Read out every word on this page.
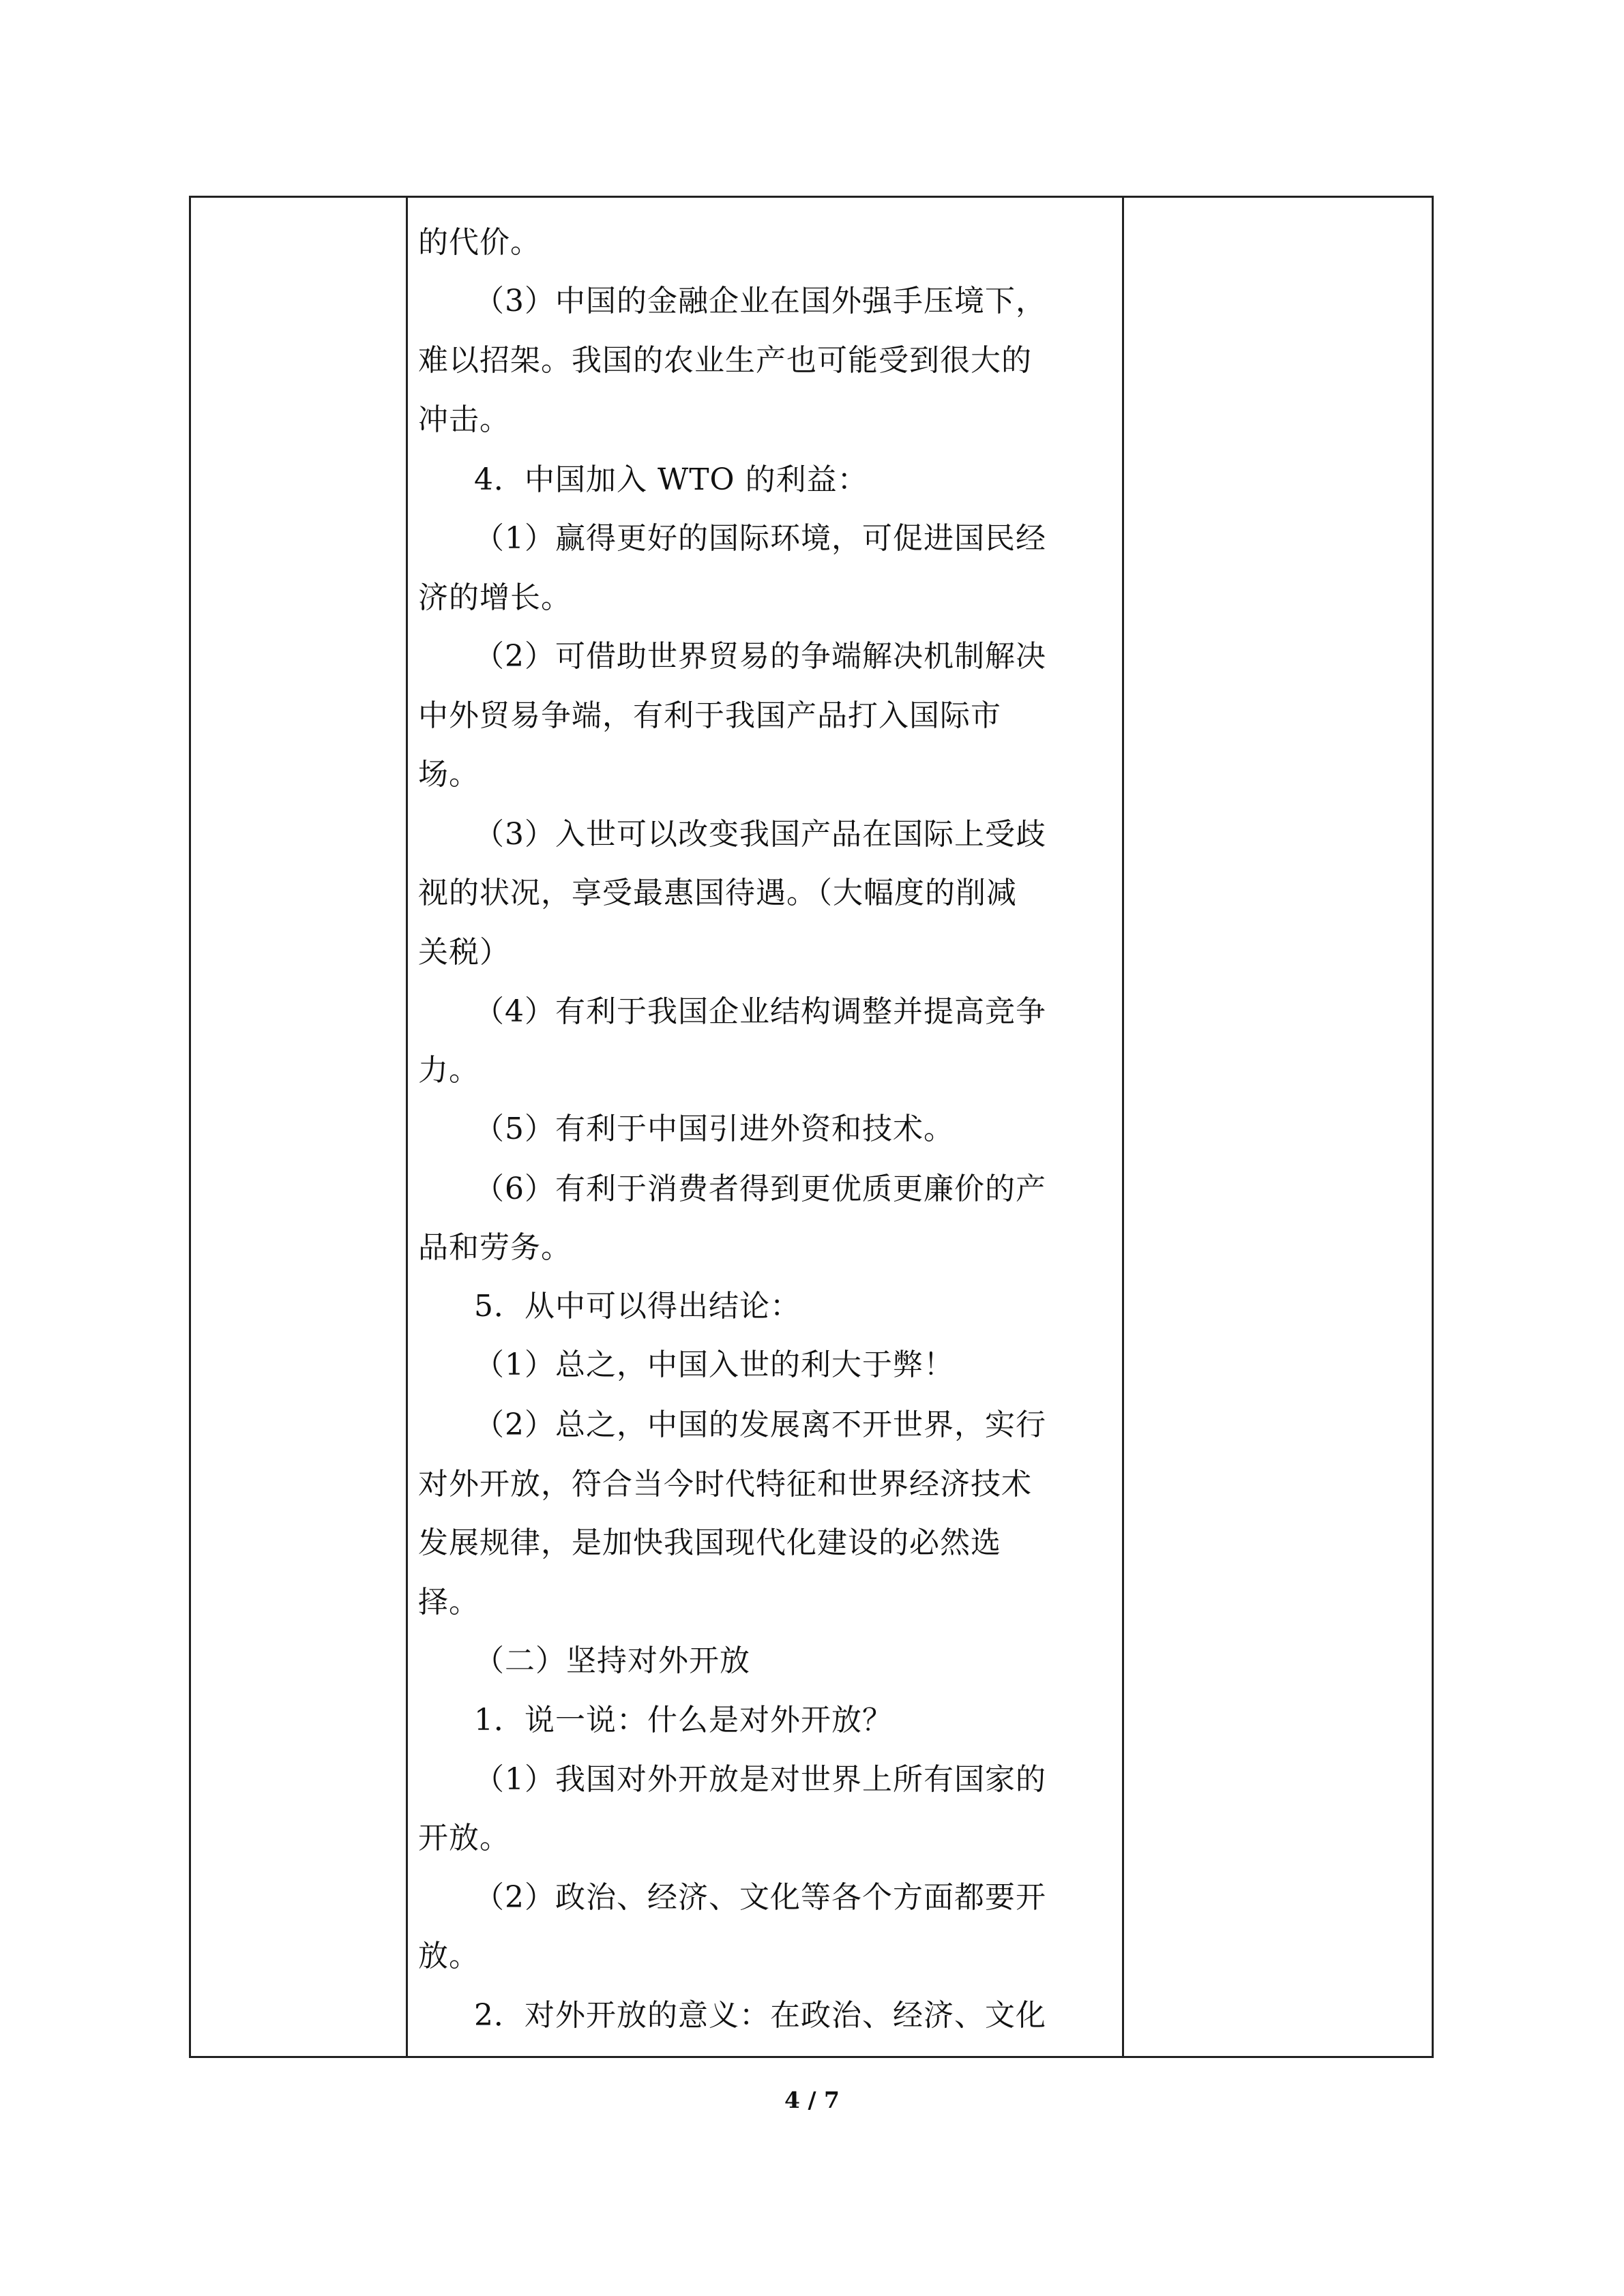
的代价。
（3）中国的金融企业在国外强手压境下，
难以招架。我国的农业生产也可能受到很大的
冲击。
4．中国加入 WTO 的利益：
（1）赢得更好的国际环境，可促进国民经
济的增长。
（2）可借助世界贸易的争端解决机制解决
中外贸易争端，有利于我国产品打入国际市
场。
（3）入世可以改变我国产品在国际上受歧
视的状况，享受最惠国待遇。（大幅度的削减
关税）
（4）有利于我国企业结构调整并提高竞争
力。
（5）有利于中国引进外资和技术。
（6）有利于消费者得到更优质更廉价的产
品和劳务。
5．从中可以得出结论：
（1）总之，中国入世的利大于弊！
（2）总之，中国的发展离不开世界，实行
对外开放，符合当今时代特征和世界经济技术
发展规律，是加快我国现代化建设的必然选
择。
（二）坚持对外开放
1．说一说：什么是对外开放？
（1）我国对外开放是对世界上所有国家的
开放。
（2）政治、经济、文化等各个方面都要开
放。
2．对外开放的意义：在政治、经济、文化
4 / 7
